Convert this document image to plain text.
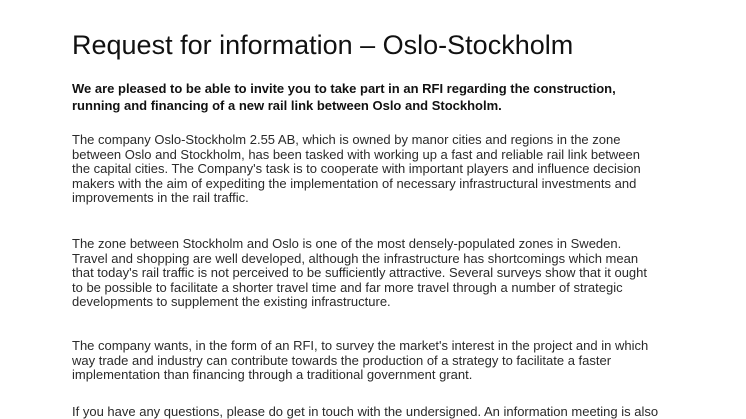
Request for information – Oslo-Stockholm

We are pleased to be able to invite you to take part in an RFI regarding the construction,
running and financing of a new rail link between Oslo and Stockholm.

The company Oslo-Stockholm 2.55 AB, which is owned by manor cities and regions in the zone
between Oslo and Stockholm, has been tasked with working up a fast and reliable rail link between
the capital cities. The Company's task is to cooperate with important players and influence decision
makers with the aim of expediting the implementation of necessary infrastructural investments and
improvements in the rail traffic.

The zone between Stockholm and Oslo is one of the most densely-populated zones in Sweden.
Travel and shopping are well developed, although the infrastructure has shortcomings which mean
that today's rail traffic is not perceived to be sufficiently attractive. Several surveys show that it ought
to be possible to facilitate a shorter travel time and far more travel through a number of strategic
developments to supplement the existing infrastructure.

The company wants, in the form of an RFI, to survey the market's interest in the project and in which
way trade and industry can contribute towards the production of a strategy to facilitate a faster
implementation than financing through a traditional government grant.

If you have any questions, please do get in touch with the undersigned. An information meeting is also
